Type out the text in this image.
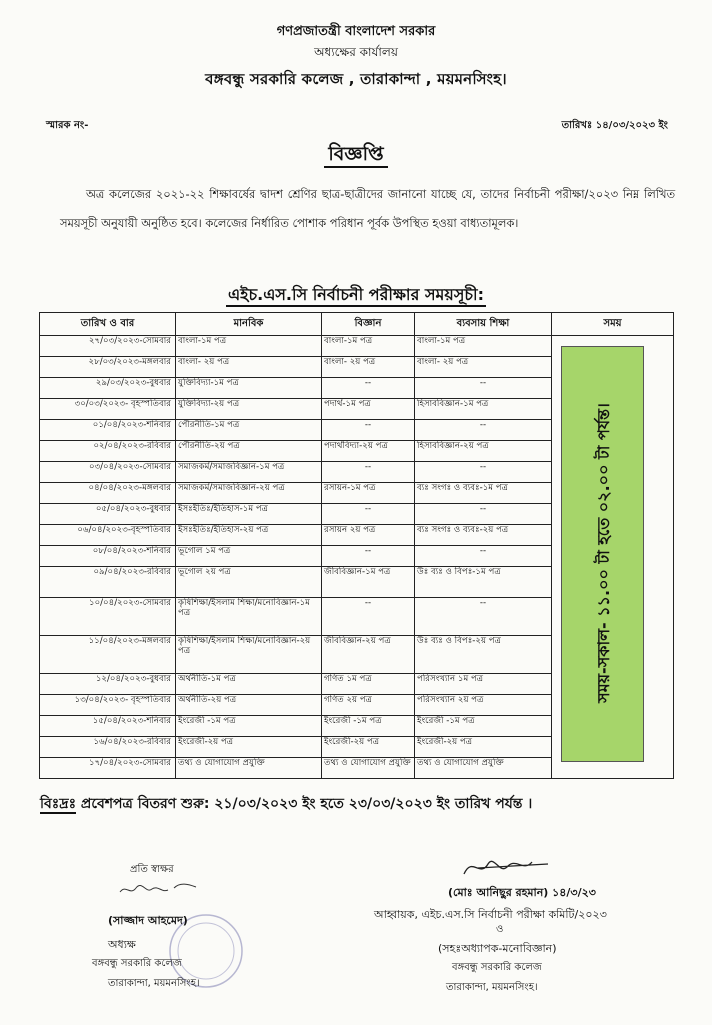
গণপ্রজাতন্ত্রী বাংলাদেশ সরকার
অধ্যক্ষের কার্যালয়
বঙ্গবন্ধু সরকারি কলেজ , তারাকান্দা , ময়মনসিংহ।
স্মারক নং-	তারিখঃ ১৪/০৩/২০২৩ ইং
বিজ্ঞপ্তি
অত্র কলেজের ২০২১-২২ শিক্ষাবর্ষের দ্বাদশ শ্রেণির ছাত্র-ছাত্রীদের জানানো যাচ্ছে যে, তাদের নির্বাচনী পরীক্ষা/২০২৩ নিম্ন লিখিত সময়সূচী অনুযায়ী অনুষ্ঠিত হবে। কলেজের নির্ধারিত পোশাক পরিধান পূর্বক উপস্থিত হওয়া বাধ্যতামূলক।
এইচ.এস.সি নির্বাচনী পরীক্ষার সময়সূচী:
তারিখ ও বার	মানবিক	বিজ্ঞান	ব্যবসায় শিক্ষা	সময়
২৭/০৩/২০২৩-সোমবার	বাংলা-১ম পত্র	বাংলা-১ম পত্র	বাংলা-১ম পত্র	
২৮/০৩/২০২৩-মঙ্গলবার	বাংলা- ২য় পত্র	বাংলা- ২য় পত্র	বাংলা- ২য় পত্র	
২৯/০৩/২০২৩-বুধবার	যুক্তিবিদ্যা-১ম পত্র	--	--	
৩০/০৩/২০২৩- বৃহস্পতিবার	যুক্তিবিদ্যা-২য় পত্র	পদার্থ-১ম পত্র	হিসাববিজ্ঞান-১ম পত্র	
০১/০৪/২০২৩-শনিবার	পৌরনীতি-১ম পত্র	--	--	
০২/০৪/২০২৩-রবিবার	পৌরনীতি-২য় পত্র	পদার্থবিদ্যা-২য় পত্র	হিসাববিজ্ঞান-২য় পত্র	
০৩/০৪/২০২৩-সোমবার	সমাজকর্ম/সমাজবিজ্ঞান-১ম পত্র	--	--	
০৪/০৪/২০২৩-মঙ্গলবার	সমাজকর্ম/সমাজবিজ্ঞান-২য় পত্র	রসায়ন-১ম পত্র	ব্যঃ সংগঃ ও ব্যবঃ-১ম পত্র	
০৫/০৪/২০২৩-বুধবার	ইসঃইতিঃ/ইতিহাস-১ম পত্র	--	--	
০৬/০৪/২০২৩-বৃহস্পতিবার	ইসঃইতিঃ/ইতিহাস-২য় পত্র	রসায়ন ২য় পত্র	ব্যঃ সংগঃ ও ব্যবঃ-২য় পত্র	
০৮/০৪/২০২৩-শনিবার	ভূগোল ১ম পত্র	--	--	
০৯/০৪/২০২৩-রবিবার	ভূগোল ২য় পত্র	জীববিজ্ঞান-১ম পত্র	উঃ ব্যঃ ও বিপঃ-১ম পত্র	
১০/০৪/২০২৩-সোমবার	কৃষিশিক্ষা/ইসলাম শিক্ষা/মনোবিজ্ঞান-১ম পত্র	--	--	
১১/০৪/২০২৩-মঙ্গলবার	কৃষিশিক্ষা/ইসলাম শিক্ষা/মনোবিজ্ঞান-২য় পত্র	জীববিজ্ঞান-২য় পত্র	উঃ ব্যঃ ও বিপঃ-২য় পত্র	
১২/০৪/২০২৩-বুধবার	অর্থনীতি-১ম পত্র	গণিত ১ম পত্র	পরিসংখ্যান ১ম পত্র	
১৩/০৪/২০২৩- বৃহস্পতিবার	অর্থনীতি-২য় পত্র	গণিত ২য় পত্র	পরিসংখ্যান ২য় পত্র	
১৫/০৪/২০২৩-শনিবার	ইংরেজী -১ম পত্র	ইংরেজী -১ম পত্র	ইংরেজী -১ম পত্র	
১৬/০৪/২০২৩-রবিবার	ইংরেজী-২য় পত্র	ইংরেজী-২য় পত্র	ইংরেজী-২য় পত্র	
১৭/০৪/২০২৩-সোমবার	তথ্য ও যোগাযোগ প্রযুক্তি	তথ্য ও যোগাযোগ প্রযুক্তি	তথ্য ও যোগাযোগ প্রযুক্তি	
সময়-সকাল- ১১.০০ টা হতে ০২.০০ টা পর্যন্ত।
বিঃদ্রঃ প্রবেশপত্র বিতরণ শুরু: ২১/০৩/২০২৩ ইং হতে ২৩/০৩/২০২৩ ইং তারিখ পর্যন্ত ।
প্রতি স্বাক্ষর
(সাজ্জাদ আহমেদ)
অধ্যক্ষ
বঙ্গবন্ধু সরকারি কলেজ
তারাকান্দা, ময়মনসিংহ।
(মোঃ আনিছুর রহমান) ১৪/৩/২৩
আহ্বায়ক, এইচ.এস.সি নির্বাচনী পরীক্ষা কমিটি/২০২৩
ও
(সহঃঅধ্যাপক-মনোবিজ্ঞান)
বঙ্গবন্ধু সরকারি কলেজ
তারাকান্দা, ময়মনসিংহ।
